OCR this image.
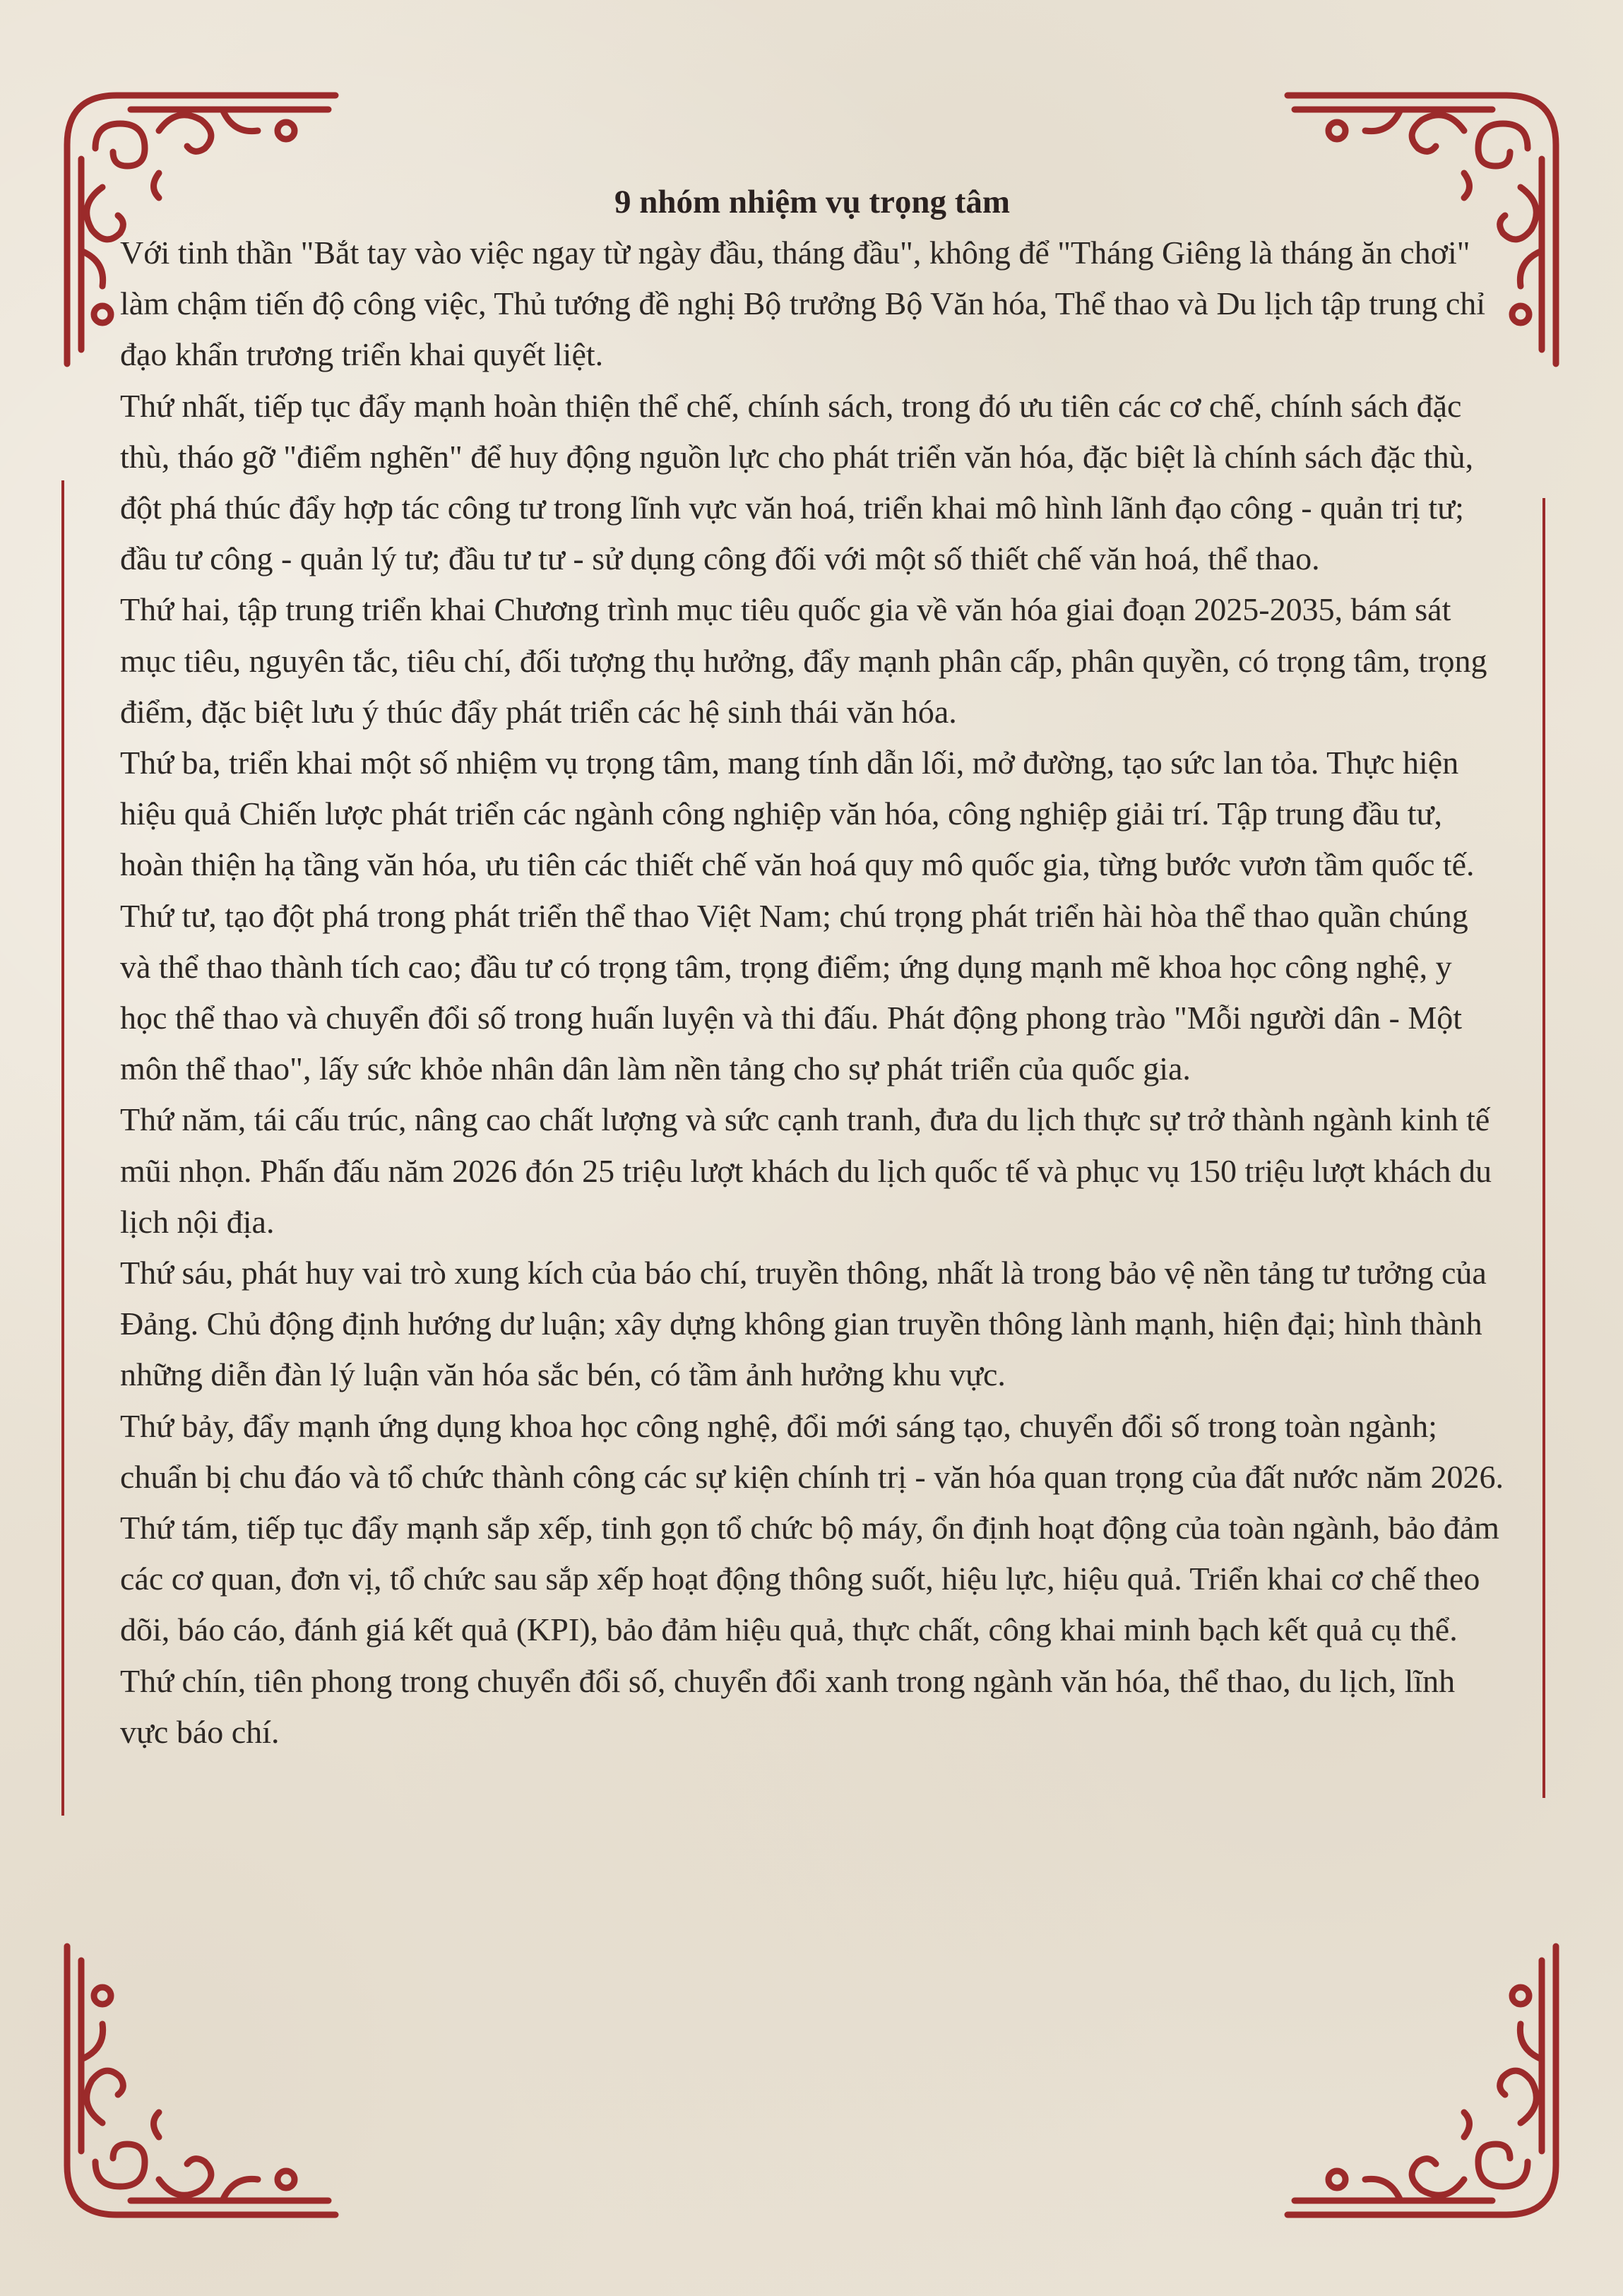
9 nhóm nhiệm vụ trọng tâm

Với tinh thần "Bắt tay vào việc ngay từ ngày đầu, tháng đầu", không để "Tháng Giêng là tháng ăn chơi" làm chậm tiến độ công việc, Thủ tướng đề nghị Bộ trưởng Bộ Văn hóa, Thể thao và Du lịch tập trung chỉ đạo khẩn trương triển khai quyết liệt.

Thứ nhất, tiếp tục đẩy mạnh hoàn thiện thể chế, chính sách, trong đó ưu tiên các cơ chế, chính sách đặc thù, tháo gỡ "điểm nghẽn" để huy động nguồn lực cho phát triển văn hóa, đặc biệt là chính sách đặc thù, đột phá thúc đẩy hợp tác công tư trong lĩnh vực văn hoá, triển khai mô hình lãnh đạo công - quản trị tư; đầu tư công - quản lý tư; đầu tư tư - sử dụng công đối với một số thiết chế văn hoá, thể thao.

Thứ hai, tập trung triển khai Chương trình mục tiêu quốc gia về văn hóa giai đoạn 2025-2035, bám sát mục tiêu, nguyên tắc, tiêu chí, đối tượng thụ hưởng, đẩy mạnh phân cấp, phân quyền, có trọng tâm, trọng điểm, đặc biệt lưu ý thúc đẩy phát triển các hệ sinh thái văn hóa.

Thứ ba, triển khai một số nhiệm vụ trọng tâm, mang tính dẫn lối, mở đường, tạo sức lan tỏa. Thực hiện hiệu quả Chiến lược phát triển các ngành công nghiệp văn hóa, công nghiệp giải trí. Tập trung đầu tư, hoàn thiện hạ tầng văn hóa, ưu tiên các thiết chế văn hoá quy mô quốc gia, từng bước vươn tầm quốc tế.

Thứ tư, tạo đột phá trong phát triển thể thao Việt Nam; chú trọng phát triển hài hòa thể thao quần chúng và thể thao thành tích cao; đầu tư có trọng tâm, trọng điểm; ứng dụng mạnh mẽ khoa học công nghệ, y học thể thao và chuyển đổi số trong huấn luyện và thi đấu. Phát động phong trào "Mỗi người dân - Một môn thể thao", lấy sức khỏe nhân dân làm nền tảng cho sự phát triển của quốc gia.

Thứ năm, tái cấu trúc, nâng cao chất lượng và sức cạnh tranh, đưa du lịch thực sự trở thành ngành kinh tế mũi nhọn. Phấn đấu năm 2026 đón 25 triệu lượt khách du lịch quốc tế và phục vụ 150 triệu lượt khách du lịch nội địa.

Thứ sáu, phát huy vai trò xung kích của báo chí, truyền thông, nhất là trong bảo vệ nền tảng tư tưởng của Đảng. Chủ động định hướng dư luận; xây dựng không gian truyền thông lành mạnh, hiện đại; hình thành những diễn đàn lý luận văn hóa sắc bén, có tầm ảnh hưởng khu vực.

Thứ bảy, đẩy mạnh ứng dụng khoa học công nghệ, đổi mới sáng tạo, chuyển đổi số trong toàn ngành; chuẩn bị chu đáo và tổ chức thành công các sự kiện chính trị - văn hóa quan trọng của đất nước năm 2026.

Thứ tám, tiếp tục đẩy mạnh sắp xếp, tinh gọn tổ chức bộ máy, ổn định hoạt động của toàn ngành, bảo đảm các cơ quan, đơn vị, tổ chức sau sắp xếp hoạt động thông suốt, hiệu lực, hiệu quả. Triển khai cơ chế theo dõi, báo cáo, đánh giá kết quả (KPI), bảo đảm hiệu quả, thực chất, công khai minh bạch kết quả cụ thể.

Thứ chín, tiên phong trong chuyển đổi số, chuyển đổi xanh trong ngành văn hóa, thể thao, du lịch, lĩnh vực báo chí.
